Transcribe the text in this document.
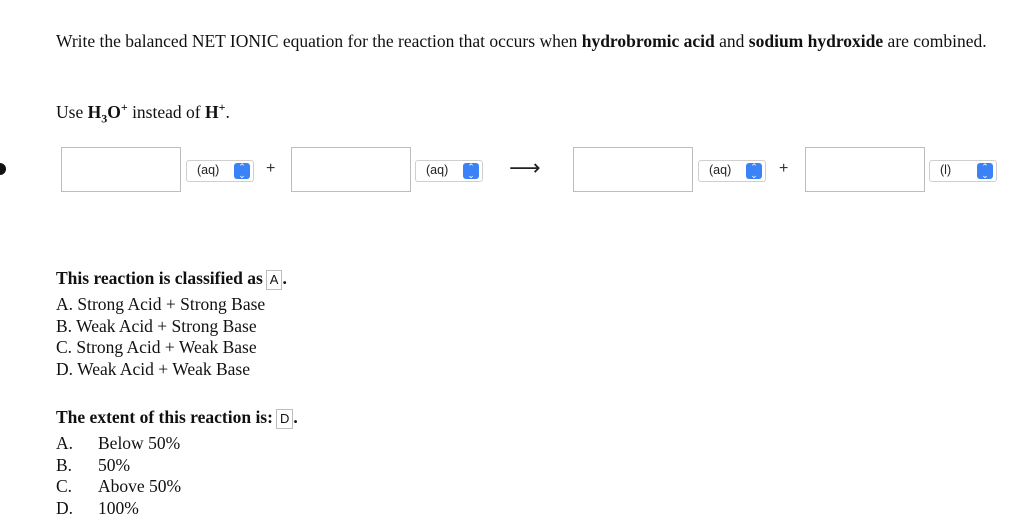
Write the balanced NET IONIC equation for the reaction that occurs when hydrobromic acid and sodium hydroxide are combined.
Use $H_3O^+$ instead of H+.
(aq)	⌃
⌄ +	(aq)	⌃
⌄ ⟶	(aq)	⌃
⌄ +	(l)	⌃
⌄
This reaction is classified as A .
A. Strong Acid + Strong Base
B. Weak Acid + Strong Base
C. Strong Acid + Weak Base
D. Weak Acid + Weak Base
The extent of this reaction is: D .
A. Below 50%
B. 50%
C. Above 50%
D. 100%
